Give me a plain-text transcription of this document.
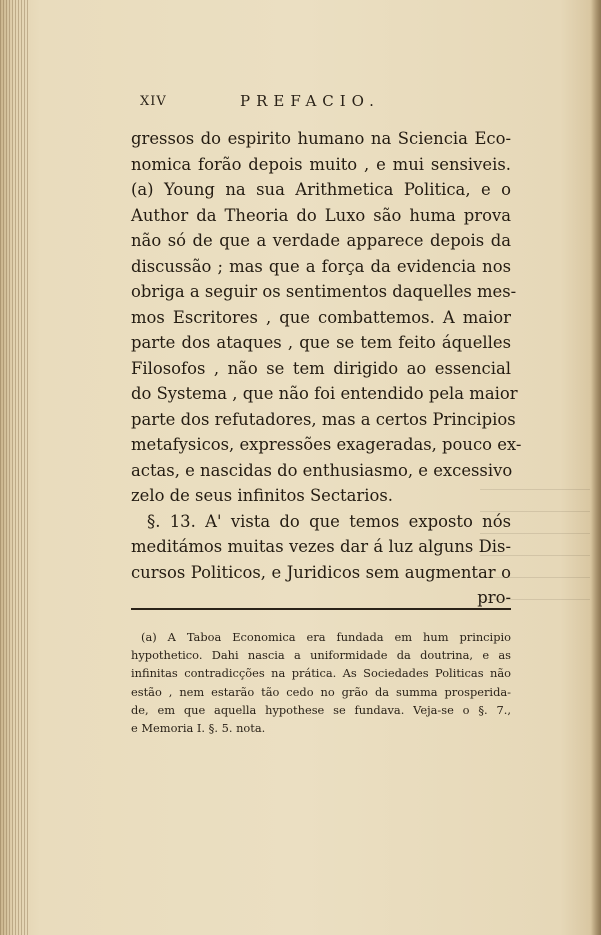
XIV	PREFACIO.
gressos do espirito humano na Sciencia Eco-
nomica forão depois muito , e mui sensiveis.
(a) Young na sua Arithmetica Politica, e o
Author da Theoria do Luxo são huma prova
não só de que a verdade apparece depois da
discussão ; mas que a força da evidencia nos
obriga a seguir os sentimentos daquelles mes-
mos Escritores , que combattemos. A maior
parte dos ataques , que se tem feito áquelles
Filosofos , não se tem dirigido ao essencial
do Systema , que não foi entendido pela maior
parte dos refutadores, mas a certos Principios
metafysicos, expressões exageradas, pouco ex-
actas, e nascidas do enthusiasmo, e excessivo
zelo de seus infinitos Sectarios.
§. 13. A' vista do que temos exposto nós
meditámos muitas vezes dar á luz alguns Dis-
cursos Politicos, e Juridicos sem augmentar o
pro-
(a) A Taboa Economica era fundada em hum principio
hypothetico. Dahi nascia a uniformidade da doutrina, e as
infinitas contradicções na prática. As Sociedades Politicas não
estão , nem estarão tão cedo no grão da summa prosperida-
de, em que aquella hypothese se fundava. Veja-se o §. 7.,
e Memoria I. §. 5. nota.
